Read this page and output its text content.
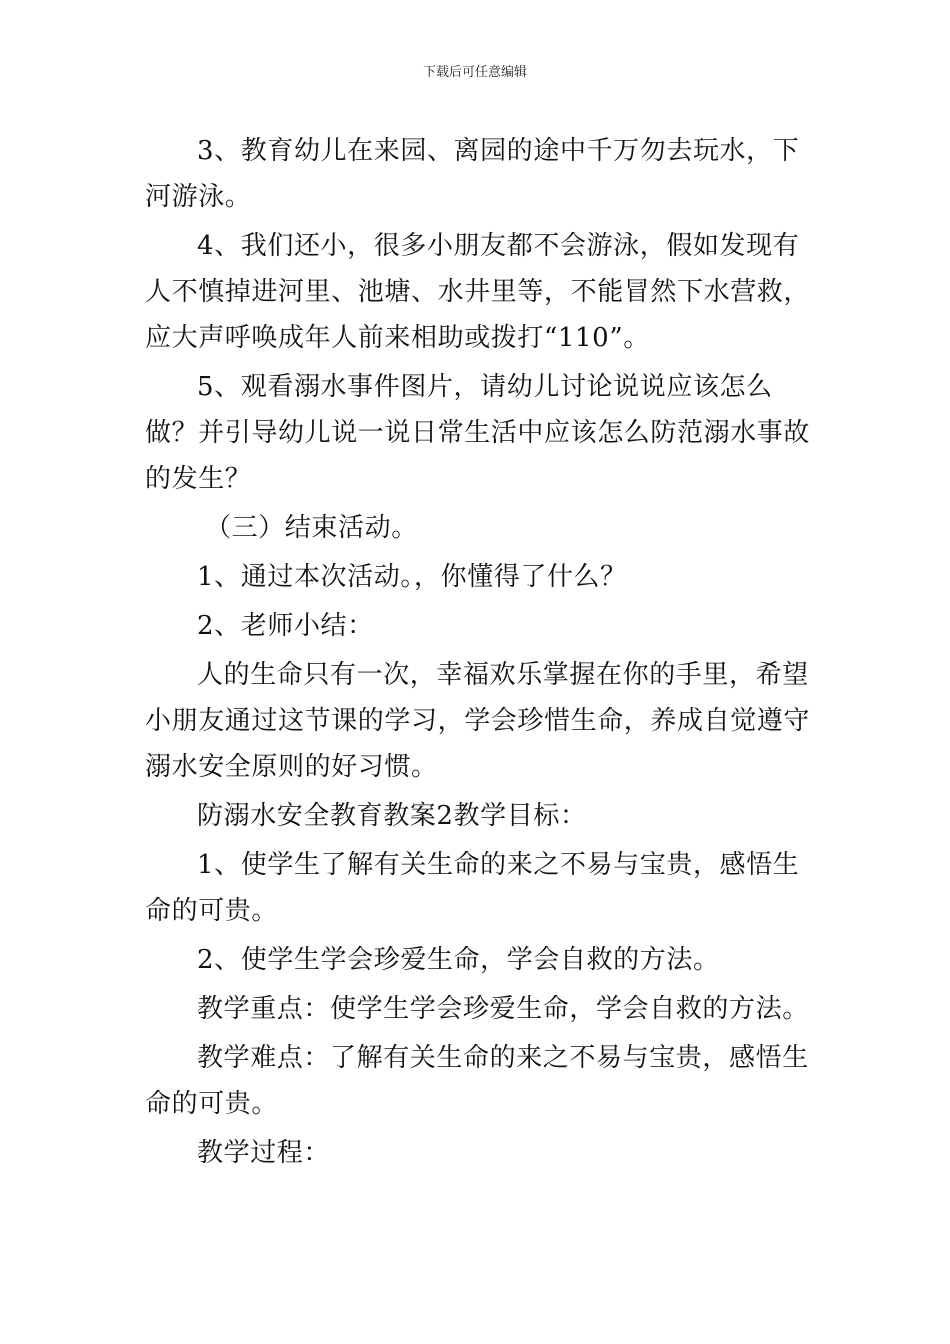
下载后可任意编辑

3、教育幼儿在来园、离园的途中千万勿去玩水，下河游泳。

4、我们还小，很多小朋友都不会游泳，假如发现有人不慎掉进河里、池塘、水井里等，不能冒然下水营救，应大声呼唤成年人前来相助或拨打“110”。

5、观看溺水事件图片，请幼儿讨论说说应该怎么做？并引导幼儿说一说日常生活中应该怎么防范溺水事故的发生？

（三）结束活动。

1、通过本次活动。，你懂得了什么？

2、老师小结：

人的生命只有一次，幸福欢乐掌握在你的手里，希望小朋友通过这节课的学习，学会珍惜生命，养成自觉遵守溺水安全原则的好习惯。

防溺水安全教育教案2教学目标：

1、使学生了解有关生命的来之不易与宝贵，感悟生命的可贵。

2、使学生学会珍爱生命，学会自救的方法。

教学重点：使学生学会珍爱生命，学会自救的方法。

教学难点：了解有关生命的来之不易与宝贵，感悟生命的可贵。

教学过程：
